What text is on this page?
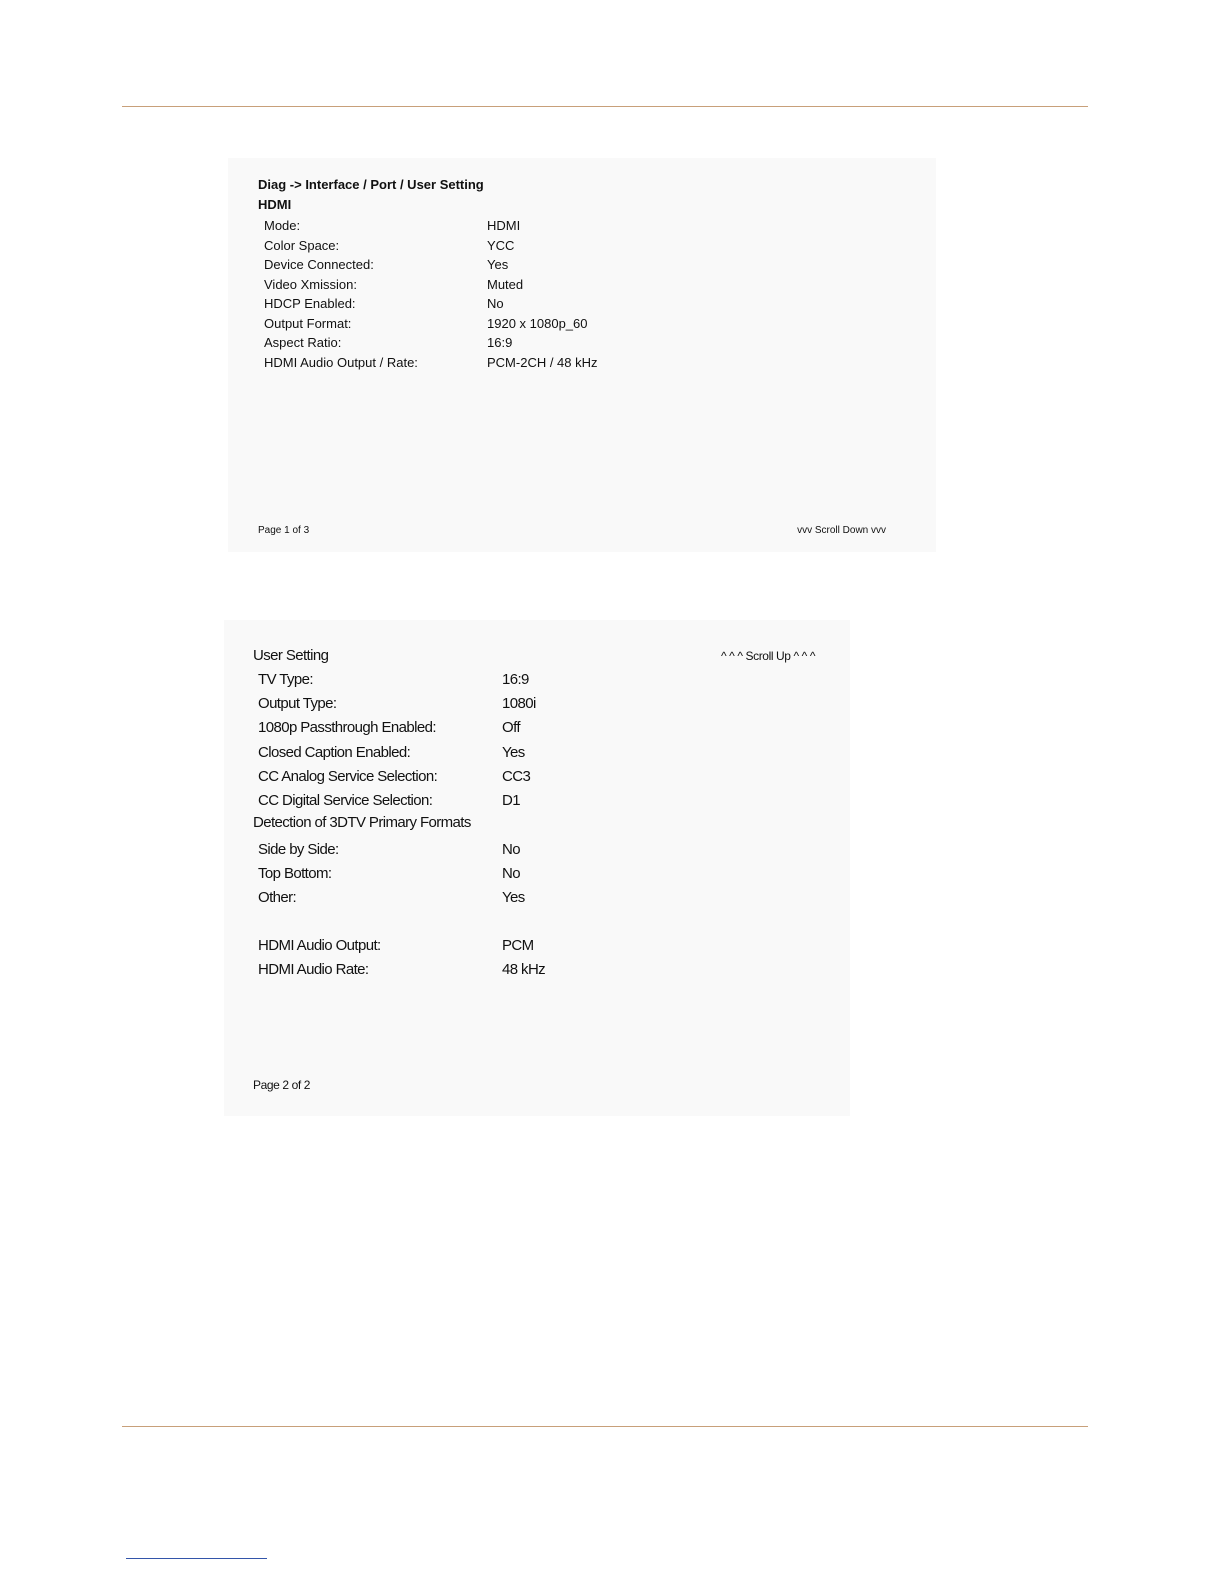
Diag -> Interface / Port / User Setting
HDMI
Mode:	HDMI
Color Space:	YCC
Device Connected:	Yes
Video Xmission:	Muted
HDCP Enabled:	No
Output Format:	1920 x 1080p_60
Aspect Ratio:	16:9
HDMI Audio Output / Rate:	PCM-2CH / 48 kHz
Page 1 of 3	vvv Scroll Down vvv
User Setting	^ ^ ^ Scroll Up ^ ^ ^
TV Type:	16:9
Output Type:	1080i
1080p Passthrough Enabled:	Off
Closed Caption Enabled:	Yes
CC Analog Service Selection:	CC3
CC Digital Service Selection:	D1
Detection of 3DTV Primary Formats
Side by Side:	No
Top Bottom:	No
Other:	Yes
HDMI Audio Output:	PCM
HDMI Audio Rate:	48 kHz
Page 2 of 2
